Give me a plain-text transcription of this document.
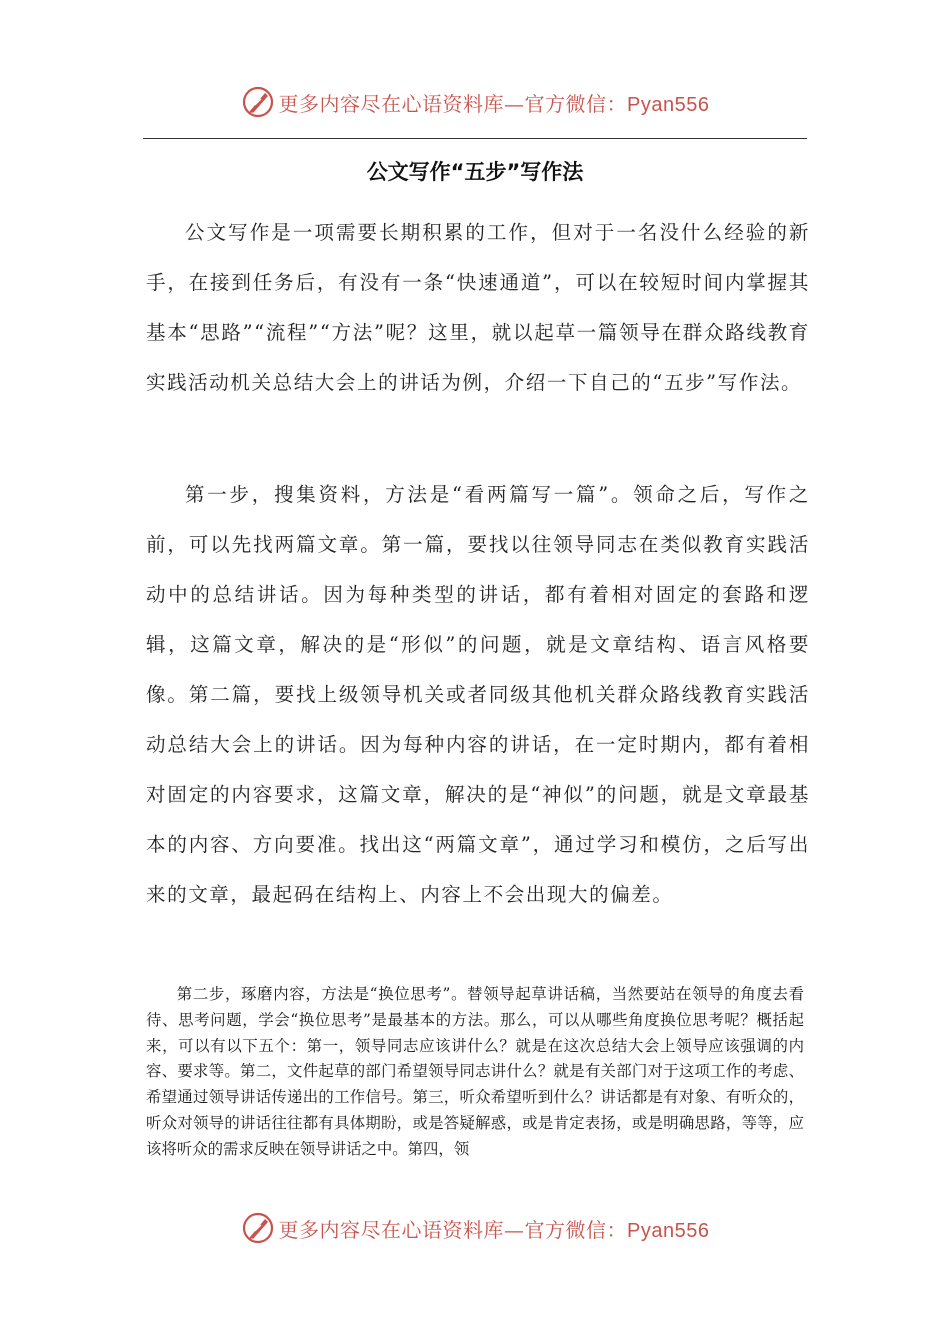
更多内容尽在心语资料库—官方微信：Pyan556
公文写作“五步”写作法

公文写作是一项需要长期积累的工作，但对于一名没什么经验的新手，在接到任务后，有没有一条“快速通道”，可以在较短时间内掌握其基本“思路”“流程”“方法”呢？这里，就以起草一篇领导在群众路线教育实践活动机关总结大会上的讲话为例，介绍一下自己的“五步”写作法。

第一步，搜集资料，方法是“看两篇写一篇”。领命之后，写作之前，可以先找两篇文章。第一篇，要找以往领导同志在类似教育实践活动中的总结讲话。因为每种类型的讲话，都有着相对固定的套路和逻辑，这篇文章，解决的是“形似”的问题，就是文章结构、语言风格要像。第二篇，要找上级领导机关或者同级其他机关群众路线教育实践活动总结大会上的讲话。因为每种内容的讲话，在一定时期内，都有着相对固定的内容要求，这篇文章，解决的是“神似”的问题，就是文章最基本的内容、方向要准。找出这“两篇文章”，通过学习和模仿，之后写出来的文章，最起码在结构上、内容上不会出现大的偏差。

第二步，琢磨内容，方法是“换位思考”。替领导起草讲话稿，当然要站在领导的角度去看待、思考问题，学会“换位思考”是最基本的方法。那么，可以从哪些角度换位思考呢？概括起来，可以有以下五个：第一，领导同志应该讲什么？就是在这次总结大会上领导应该强调的内容、要求等。第二，文件起草的部门希望领导同志讲什么？就是有关部门对于这项工作的考虑、希望通过领导讲话传递出的工作信号。第三，听众希望听到什么？讲话都是有对象、有听众的，听众对领导的讲话往往都有具体期盼，或是答疑解惑，或是肯定表扬，或是明确思路，等等，应该将听众的需求反映在领导讲话之中。第四，领

更多内容尽在心语资料库—官方微信：Pyan556
